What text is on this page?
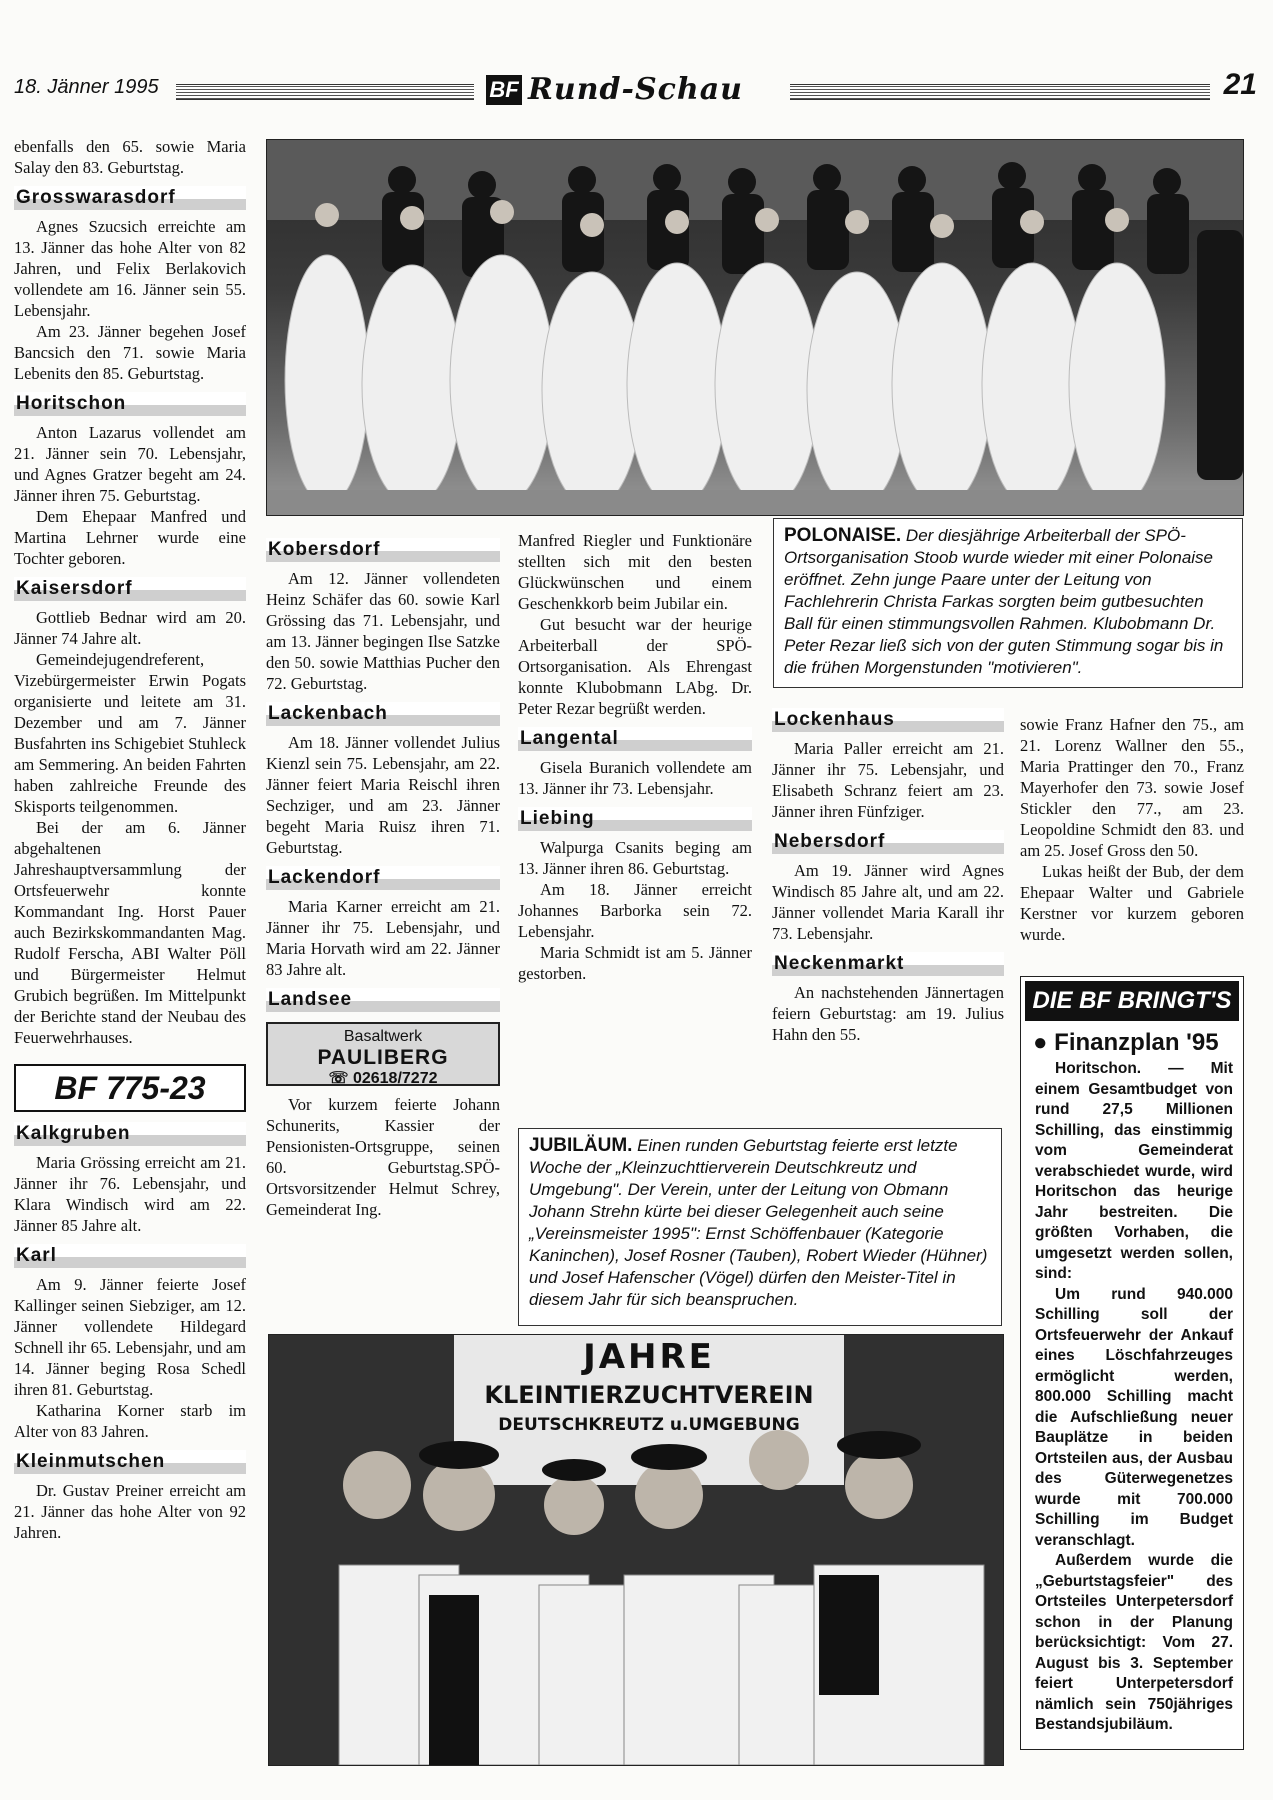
18. Jänner 1995	BF Rund-Schau	21
POLONAISE. Der diesjährige Arbeiterball der SPÖ-Ortsorganisation Stoob wurde wieder mit einer Polonaise eröffnet. Zehn junge Paare unter der Leitung von Fachlehrerin Christa Farkas sorgten beim gutbesuchten Ball für einen stimmungsvollen Rahmen. Klubobmann Dr. Peter Rezar ließ sich von der guten Stimmung sogar bis in die frühen Morgenstunden "motivieren".

ebenfalls den 65. sowie Maria Salay den 83. Geburtstag.

Grosswarasdorf

Agnes Szucsich erreichte am 13. Jänner das hohe Alter von 82 Jahren, und Felix Berlakovich vollendete am 16. Jänner sein 55. Lebensjahr.

Am 23. Jänner begehen Josef Bancsich den 71. sowie Maria Lebenits den 85. Geburtstag.

Horitschon

Anton Lazarus vollendet am 21. Jänner sein 70. Lebensjahr, und Agnes Gratzer begeht am 24. Jänner ihren 75. Geburtstag.

Dem Ehepaar Manfred und Martina Lehrner wurde eine Tochter geboren.

Kaisersdorf

Gottlieb Bednar wird am 20. Jänner 74 Jahre alt.

Gemeindejugendreferent, Vizebürgermeister Erwin Pogats organisierte und leitete am 31. Dezember und am 7. Jänner Busfahrten ins Schigebiet Stuhleck am Semmering. An beiden Fahrten haben zahlreiche Freunde des Skisports teilgenommen.

Bei der am 6. Jänner abgehaltenen Jahreshauptversammlung der Ortsfeuerwehr konnte Kommandant Ing. Horst Pauer auch Bezirkskommandanten Mag. Rudolf Ferscha, ABI Walter Pöll und Bürgermeister Helmut Grubich begrüßen. Im Mittelpunkt der Berichte stand der Neubau des Feuerwehrhauses.

BF 775-23
Kalkgruben

Maria Grössing erreicht am 21. Jänner ihr 76. Lebensjahr, und Klara Windisch wird am 22. Jänner 85 Jahre alt.

Karl

Am 9. Jänner feierte Josef Kallinger seinen Siebziger, am 12. Jänner vollendete Hildegard Schnell ihr 65. Lebensjahr, und am 14. Jänner beging Rosa Schedl ihren 81. Geburtstag.

Katharina Korner starb im Alter von 83 Jahren.

Kleinmutschen

Dr. Gustav Preiner erreicht am 21. Jänner das hohe Alter von 92 Jahren.

Kobersdorf

Am 12. Jänner vollendeten Heinz Schäfer das 60. sowie Karl Grössing das 71. Lebensjahr, und am 13. Jänner begingen Ilse Satzke den 50. sowie Matthias Pucher den 72. Geburtstag.

Lackenbach

Am 18. Jänner vollendet Julius Kienzl sein 75. Lebensjahr, am 22. Jänner feiert Maria Reischl ihren Sechziger, und am 23. Jänner begeht Maria Ruisz ihren 71. Geburtstag.

Lackendorf

Maria Karner erreicht am 21. Jänner ihr 75. Lebensjahr, und Maria Horvath wird am 22. Jänner 83 Jahre alt.

Landsee
Basaltwerk
PAULIBERG
☏ 02618/7272

Vor kurzem feierte Johann Schunerits, Kassier der Pensionisten-Ortsgruppe, seinen 60. Geburtstag.SPÖ-Ortsvorsitzender Helmut Schrey, Gemeinderat Ing.

Manfred Riegler und Funktionäre stellten sich mit den besten Glückwünschen und einem Geschenkkorb beim Jubilar ein.

Gut besucht war der heurige Arbeiterball der SPÖ-Ortsorganisation. Als Ehrengast konnte Klubobmann LAbg. Dr. Peter Rezar begrüßt werden.

Langental

Gisela Buranich vollendete am 13. Jänner ihr 73. Lebensjahr.

Liebing

Walpurga Csanits beging am 13. Jänner ihren 86. Geburtstag.

Am 18. Jänner erreicht Johannes Barborka sein 72. Lebensjahr.

Maria Schmidt ist am 5. Jänner gestorben.

Lockenhaus

Maria Paller erreicht am 21. Jänner ihr 75. Lebensjahr, und Elisabeth Schranz feiert am 23. Jänner ihren Fünfziger.

Nebersdorf

Am 19. Jänner wird Agnes Windisch 85 Jahre alt, und am 22. Jänner vollendet Maria Karall ihr 73. Lebensjahr.

Neckenmarkt

An nachstehenden Jännertagen feiern Geburtstag: am 19. Julius Hahn den 55.

sowie Franz Hafner den 75., am 21. Lorenz Wallner den 55., Maria Prattinger den 70., Franz Mayerhofer den 73. sowie Josef Stickler den 77., am 23. Leopoldine Schmidt den 83. und am 25. Josef Gross den 50.

Lukas heißt der Bub, der dem Ehepaar Walter und Gabriele Kerstner vor kurzem geboren wurde.

JUBILÄUM. Einen runden Geburtstag feierte erst letzte Woche der „Kleinzuchttierverein Deutschkreutz und Umgebung". Der Verein, unter der Leitung von Obmann Johann Strehn kürte bei dieser Gelegenheit auch seine „Vereinsmeister 1995": Ernst Schöffenbauer (Kategorie Kaninchen), Josef Rosner (Tauben), Robert Wieder (Hühner) und Josef Hafenscher (Vögel) dürfen den Meister-Titel in diesem Jahr für sich beanspruchen.
JAHRE
KLEINTIERZUCHTVEREIN
DEUTSCHKREUTZ u.UMGEBUNG
DIE BF BRINGT'S
● Finanzplan '95

Horitschon. — Mit einem Gesamtbudget von rund 27,5 Millionen Schilling, das einstimmig vom Gemeinderat verabschiedet wurde, wird Horitschon das heurige Jahr bestreiten. Die größten Vorhaben, die umgesetzt werden sollen, sind:

Um rund 940.000 Schilling soll der Ortsfeuerwehr der Ankauf eines Löschfahrzeuges ermöglicht werden, 800.000 Schilling macht die Aufschließung neuer Bauplätze in beiden Ortsteilen aus, der Ausbau des Güterwegenetzes wurde mit 700.000 Schilling im Budget veranschlagt.

Außerdem wurde die „Geburtstagsfeier" des Ortsteiles Unterpetersdorf schon in der Planung berücksichtigt: Vom 27. August bis 3. September feiert Unterpetersdorf nämlich sein 750jähriges Bestandsjubiläum.
